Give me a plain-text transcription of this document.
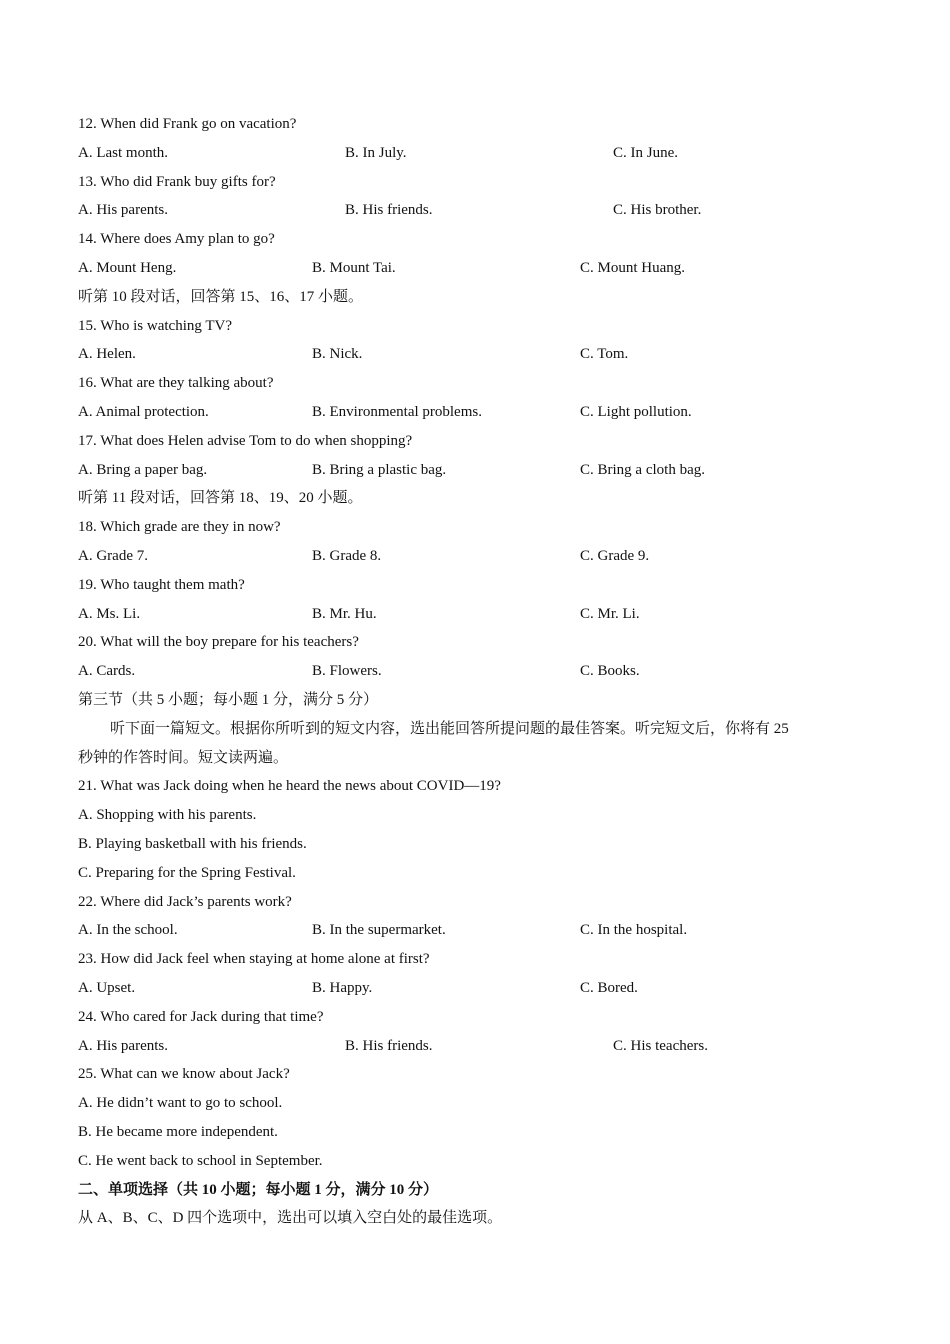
12. When did Frank go on vacation?
A. Last month.	B. In July.	C. In June.
13. Who did Frank buy gifts for?
A. His parents.	B. His friends.	C. His brother.
14. Where does Amy plan to go?
A. Mount Heng.	B. Mount Tai.	C. Mount Huang.
听第 10 段对话，回答第 15、16、17 小题。
15. Who is watching TV?
A. Helen.	B. Nick.	C. Tom.
16. What are they talking about?
A. Animal protection.	B. Environmental problems.	C. Light pollution.
17. What does Helen advise Tom to do when shopping?
A. Bring a paper bag.	B. Bring a plastic bag.	C. Bring a cloth bag.
听第 11 段对话，回答第 18、19、20 小题。
18. Which grade are they in now?
A. Grade 7.	B. Grade 8.	C. Grade 9.
19. Who taught them math?
A. Ms. Li.	B. Mr. Hu.	C. Mr. Li.
20. What will the boy prepare for his teachers?
A. Cards.	B. Flowers.	C. Books.
第三节（共 5 小题；每小题 1 分，满分 5 分）
听下面一篇短文。根据你所听到的短文内容，选出能回答所提问题的最佳答案。听完短文后，你将有 25
秒钟的作答时间。短文读两遍。
21. What was Jack doing when he heard the news about COVID—19?
A. Shopping with his parents.
B. Playing basketball with his friends.
C. Preparing for the Spring Festival.
22. Where did Jack’s parents work?
A. In the school.	B. In the supermarket.	C. In the hospital.
23. How did Jack feel when staying at home alone at first?
A. Upset.	B. Happy.	C. Bored.
24. Who cared for Jack during that time?
A. His parents.	B. His friends.	C. His teachers.
25. What can we know about Jack?
A. He didn’t want to go to school.
B. He became more independent.
C. He went back to school in September.
二、单项选择（共 10 小题；每小题 1 分，满分 10 分）
从 A、B、C、D 四个选项中，选出可以填入空白处的最佳选项。
